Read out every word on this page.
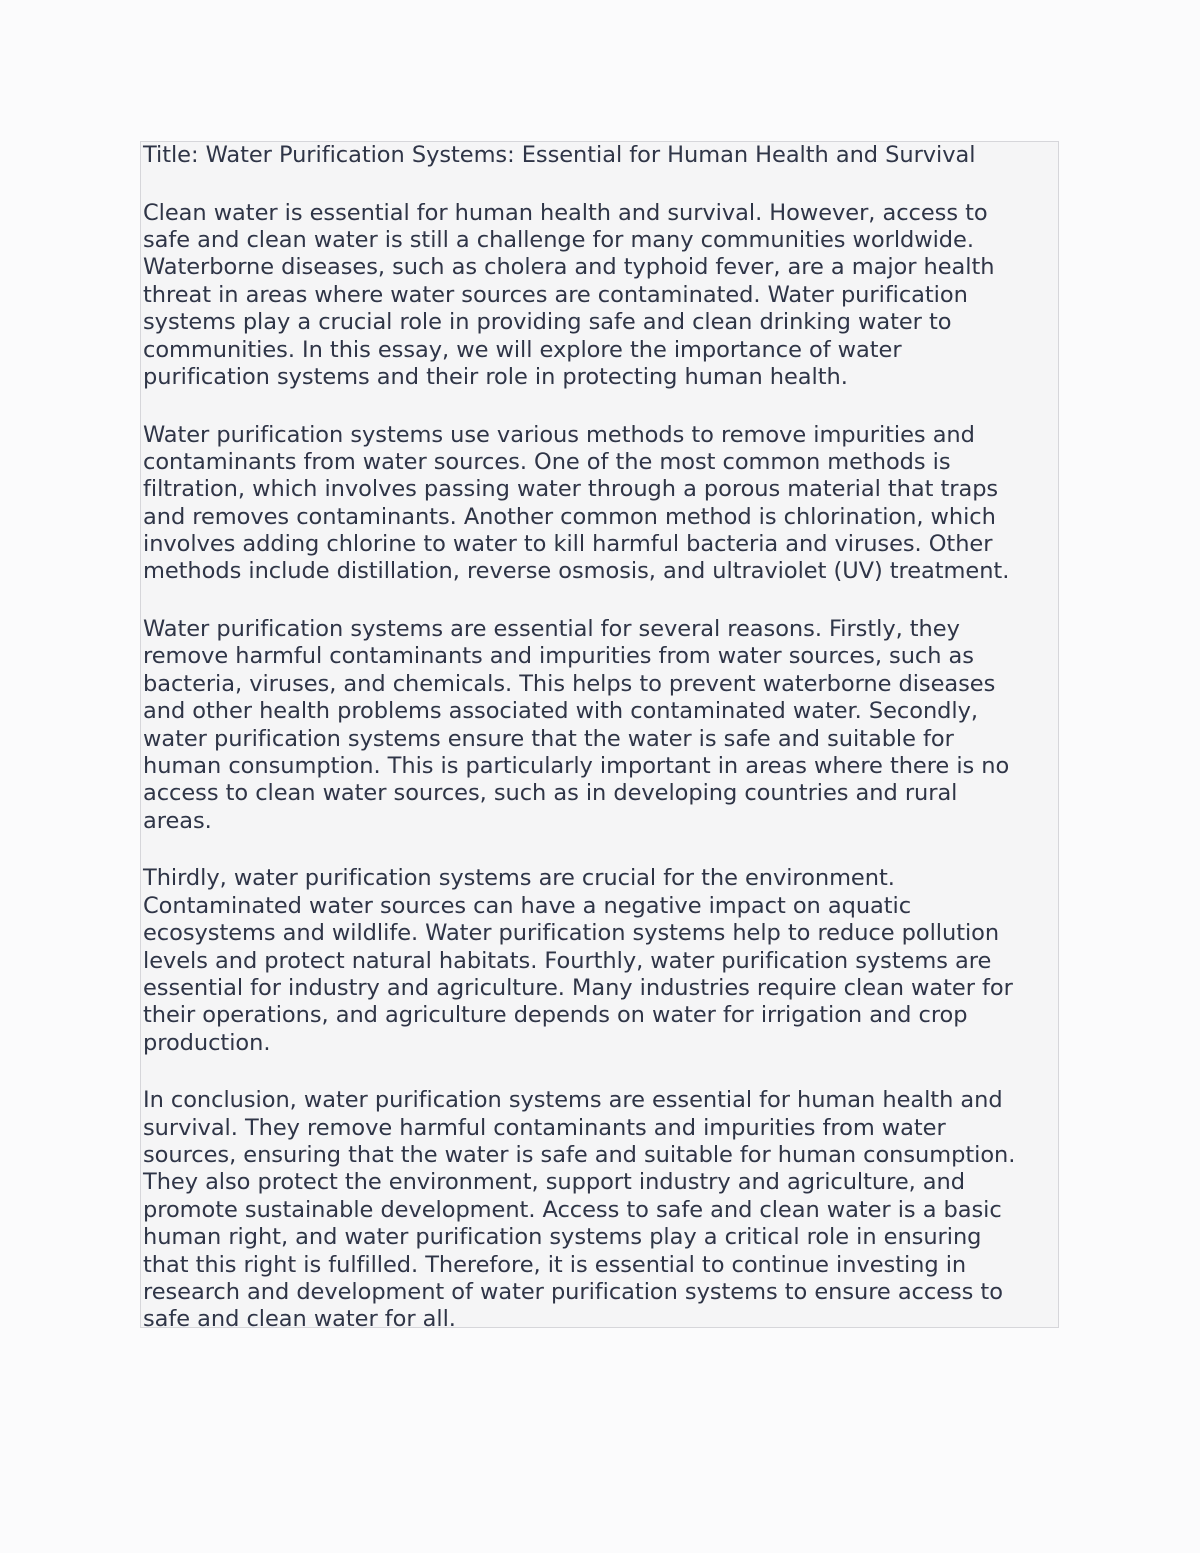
Title: Water Purification Systems: Essential for Human Health and Survival
Clean water is essential for human health and survival. However, access to
safe and clean water is still a challenge for many communities worldwide.
Waterborne diseases, such as cholera and typhoid fever, are a major health
threat in areas where water sources are contaminated. Water purification
systems play a crucial role in providing safe and clean drinking water to
communities. In this essay, we will explore the importance of water
purification systems and their role in protecting human health.
Water purification systems use various methods to remove impurities and
contaminants from water sources. One of the most common methods is
filtration, which involves passing water through a porous material that traps
and removes contaminants. Another common method is chlorination, which
involves adding chlorine to water to kill harmful bacteria and viruses. Other
methods include distillation, reverse osmosis, and ultraviolet (UV) treatment.
Water purification systems are essential for several reasons. Firstly, they
remove harmful contaminants and impurities from water sources, such as
bacteria, viruses, and chemicals. This helps to prevent waterborne diseases
and other health problems associated with contaminated water. Secondly,
water purification systems ensure that the water is safe and suitable for
human consumption. This is particularly important in areas where there is no
access to clean water sources, such as in developing countries and rural
areas.
Thirdly, water purification systems are crucial for the environment.
Contaminated water sources can have a negative impact on aquatic
ecosystems and wildlife. Water purification systems help to reduce pollution
levels and protect natural habitats. Fourthly, water purification systems are
essential for industry and agriculture. Many industries require clean water for
their operations, and agriculture depends on water for irrigation and crop
production.
In conclusion, water purification systems are essential for human health and
survival. They remove harmful contaminants and impurities from water
sources, ensuring that the water is safe and suitable for human consumption.
They also protect the environment, support industry and agriculture, and
promote sustainable development. Access to safe and clean water is a basic
human right, and water purification systems play a critical role in ensuring
that this right is fulfilled. Therefore, it is essential to continue investing in
research and development of water purification systems to ensure access to
safe and clean water for all.
